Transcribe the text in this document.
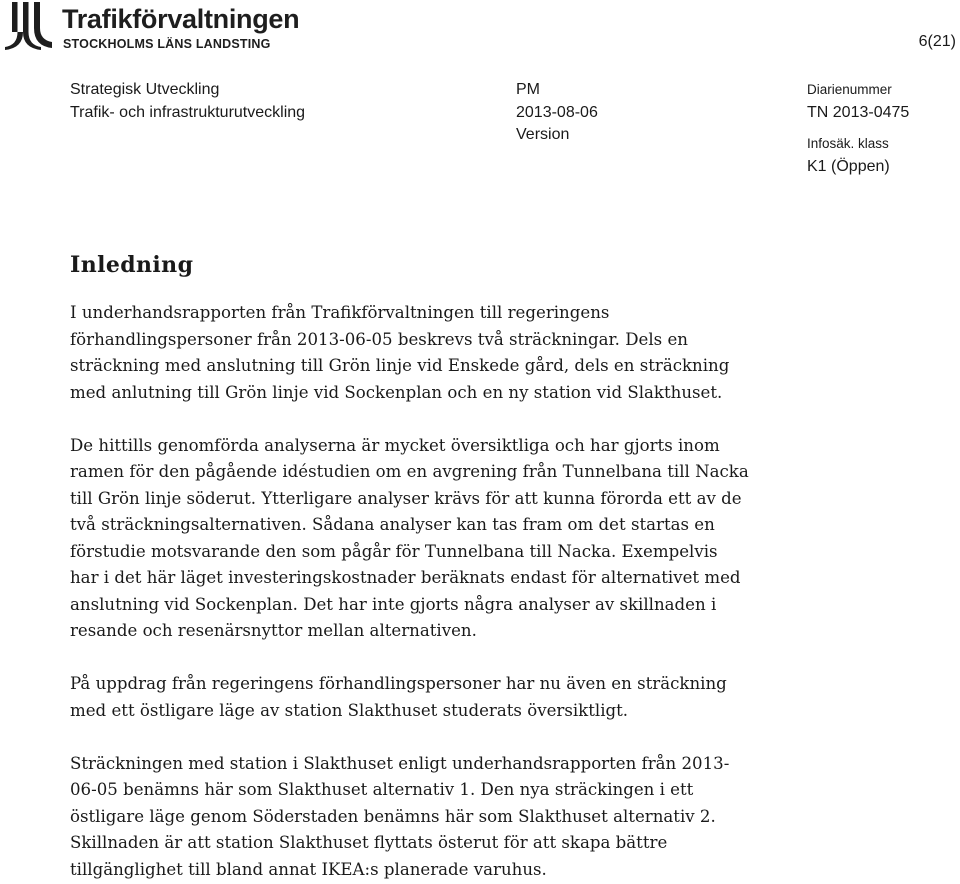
Trafikförvaltningen
STOCKHOLMS LÄNS LANDSTING	6(21)
Strategisk Utveckling
Trafik- och infrastrukturutveckling
PM
2013-08-06
Version
Diarienummer
TN 2013-0475
Infosäk. klass
K1 (Öppen)
Inledning

I underhandsrapporten från Trafikförvaltningen till regeringens
förhandlingspersoner från 2013-06-05 beskrevs två sträckningar. Dels en
sträckning med anslutning till Grön linje vid Enskede gård, dels en sträckning
med anlutning till Grön linje vid Sockenplan och en ny station vid Slakthuset.

De hittills genomförda analyserna är mycket översiktliga och har gjorts inom
ramen för den pågående idéstudien om en avgrening från Tunnelbana till Nacka
till Grön linje söderut. Ytterligare analyser krävs för att kunna förorda ett av de
två sträckningsalternativen. Sådana analyser kan tas fram om det startas en
förstudie motsvarande den som pågår för Tunnelbana till Nacka. Exempelvis
har i det här läget investeringskostnader beräknats endast för alternativet med
anslutning vid Sockenplan. Det har inte gjorts några analyser av skillnaden i
resande och resenärsnyttor mellan alternativen.

På uppdrag från regeringens förhandlingspersoner har nu även en sträckning
med ett östligare läge av station Slakthuset studerats översiktligt.

Sträckningen med station i Slakthuset enligt underhandsrapporten från 2013-
06-05 benämns här som Slakthuset alternativ 1. Den nya sträckingen i ett
östligare läge genom Söderstaden benämns här som Slakthuset alternativ 2.
Skillnaden är att station Slakthuset flyttats österut för att skapa bättre
tillgänglighet till bland annat IKEA:s planerade varuhus.
